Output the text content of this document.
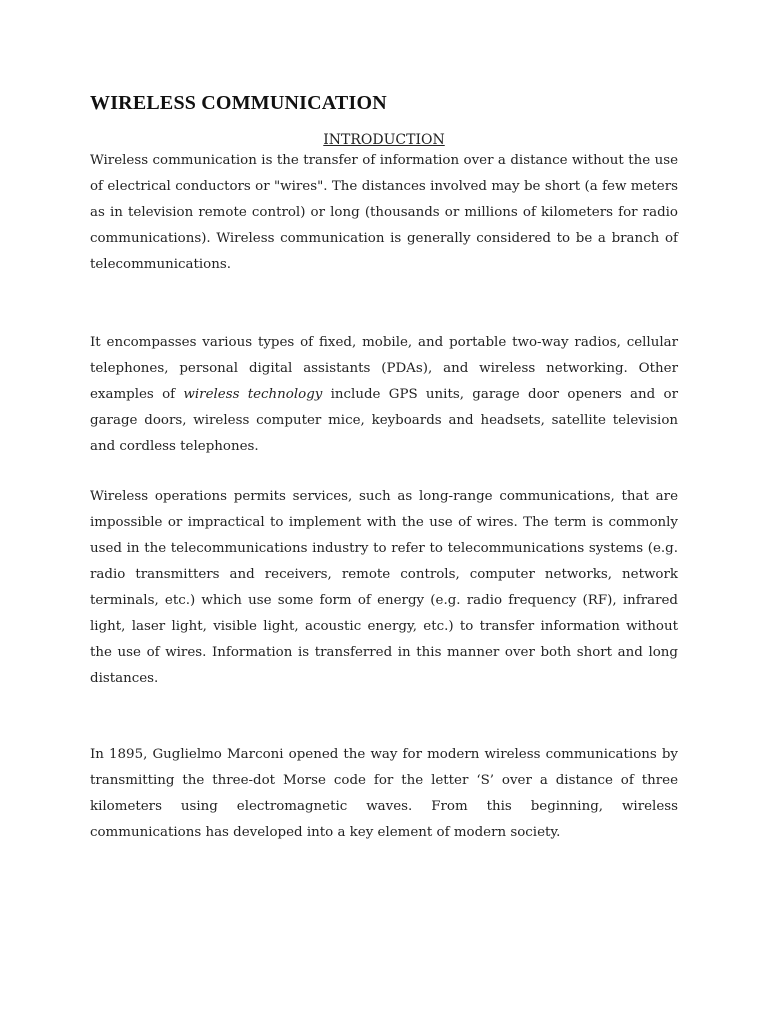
WIRELESS COMMUNICATION
INTRODUCTION

Wireless communication is the transfer of information over a distance without the use of electrical conductors or "wires". The distances involved may be short (a few meters as in television remote control) or long (thousands or millions of kilometers for radio communications). Wireless communication is generally considered to be a branch of telecommunications.

It encompasses various types of fixed, mobile, and portable two-way radios, cellular telephones, personal digital assistants (PDAs), and wireless networking. Other examples of wireless technology include GPS units, garage door openers and or garage doors, wireless computer mice, keyboards and headsets, satellite television and cordless telephones.

Wireless operations permits services, such as long-range communications, that are impossible or impractical to implement with the use of wires. The term is commonly used in the telecommunications industry to refer to telecommunications systems (e.g. radio transmitters and receivers, remote controls, computer networks, network terminals, etc.) which use some form of energy (e.g. radio frequency (RF), infrared light, laser light, visible light, acoustic energy, etc.) to transfer information without the use of wires. Information is transferred in this manner over both short and long distances.

In 1895, Guglielmo Marconi opened the way for modern wireless communications by transmitting the three-dot Morse code for the letter ‘S’ over a distance of three kilometers using electromagnetic waves. From this beginning, wireless communications has developed into a key element of modern society.
